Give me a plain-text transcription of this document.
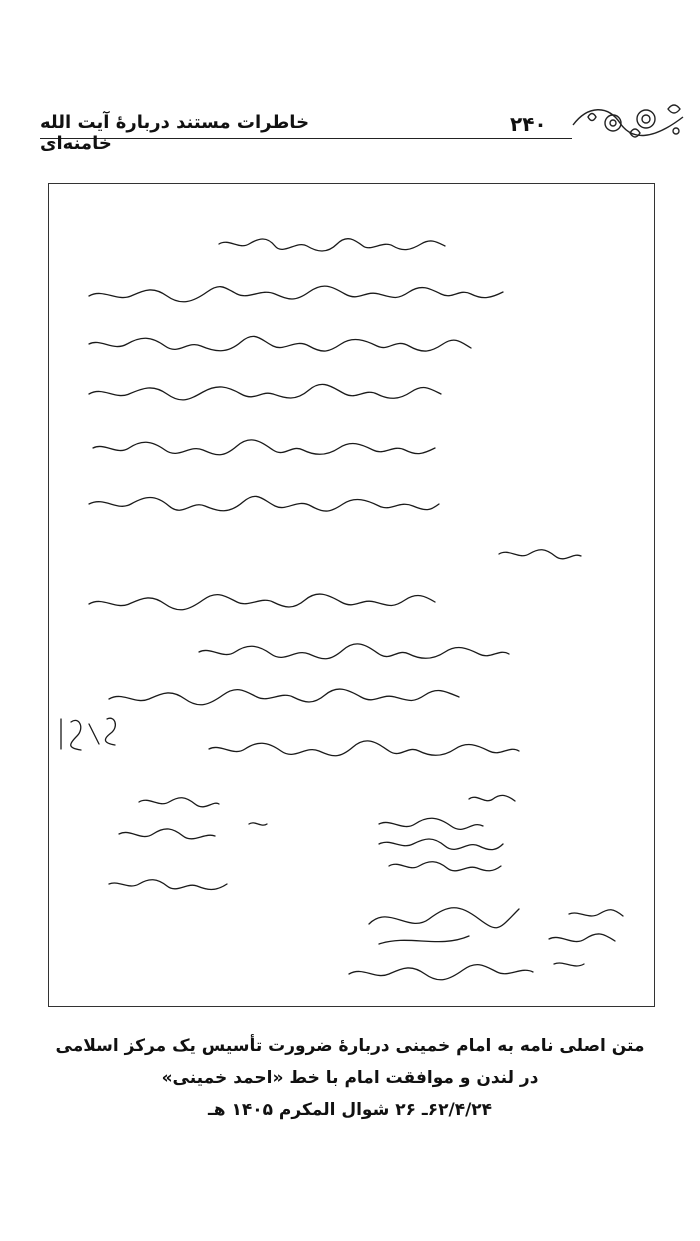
۲۴۰
خاطرات مستند دربارهٔ آیت الله خامنه‌ای
متن اصلی نامه به امام خمینی دربارهٔ ضرورت تأسیس یک مرکز اسلامی
در لندن و موافقت امام با خط «احمد خمینی»
۶۲/۴/۲۴ـ ۲۶ شوال المکرم ۱۴۰۵ هـ
